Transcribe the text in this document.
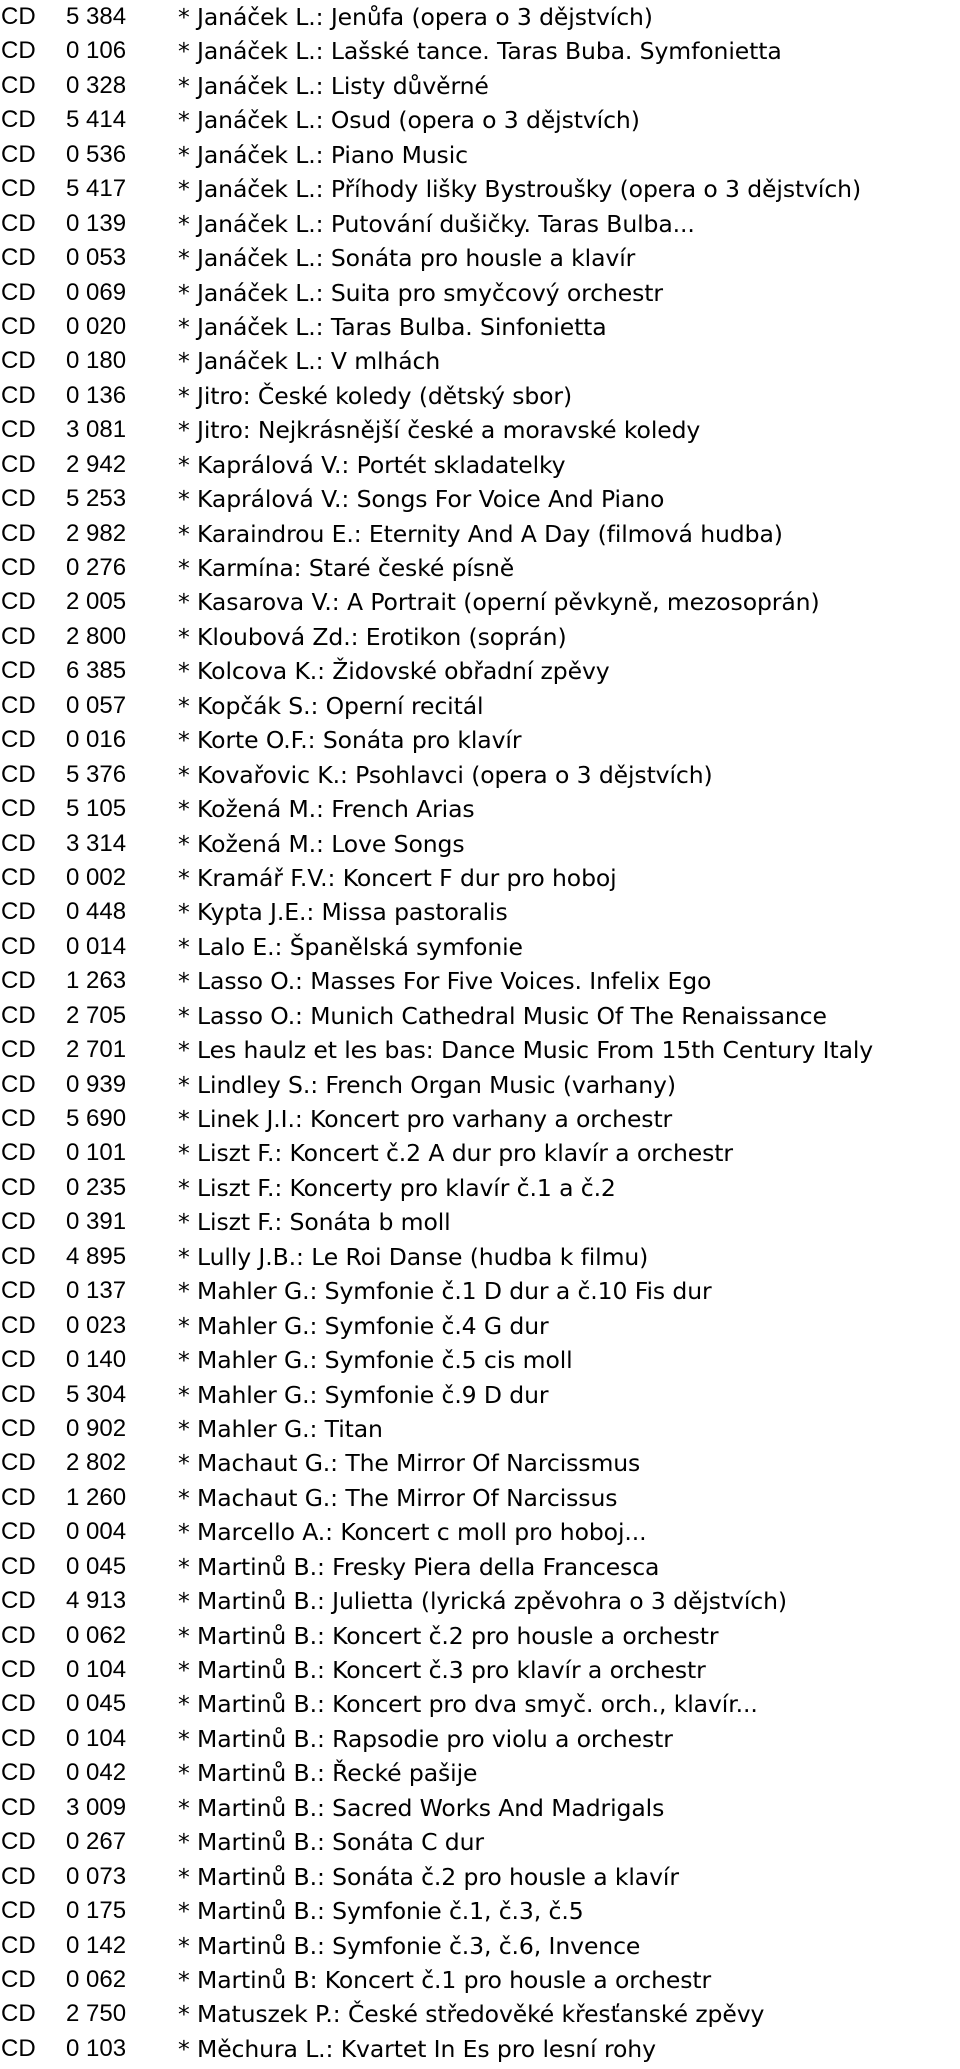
CD 5 384 * Janáček L.: Jenůfa (opera o 3 dějstvích)
CD 0 106 * Janáček L.: Lašské tance. Taras Buba. Symfonietta
CD 0 328 * Janáček L.: Listy důvěrné
CD 5 414 * Janáček L.: Osud (opera o 3 dějstvích)
CD 0 536 * Janáček L.: Piano Music
CD 5 417 * Janáček L.: Příhody lišky Bystroušky (opera o 3 dějstvích)
CD 0 139 * Janáček L.: Putování dušičky. Taras Bulba...
CD 0 053 * Janáček L.: Sonáta pro housle a klavír
CD 0 069 * Janáček L.: Suita pro smyčcový orchestr
CD 0 020 * Janáček L.: Taras Bulba. Sinfonietta
CD 0 180 * Janáček L.: V mlhách
CD 0 136 * Jitro: České koledy (dětský sbor)
CD 3 081 * Jitro: Nejkrásnější české a moravské koledy
CD 2 942 * Kaprálová V.: Portét skladatelky
CD 5 253 * Kaprálová V.: Songs For Voice And Piano
CD 2 982 * Karaindrou E.: Eternity And A Day (filmová hudba)
CD 0 276 * Karmína: Staré české písně
CD 2 005 * Kasarova V.: A Portrait (operní pěvkyně, mezosoprán)
CD 2 800 * Kloubová Zd.: Erotikon (soprán)
CD 6 385 * Kolcova K.: Židovské obřadní zpěvy
CD 0 057 * Kopčák S.: Operní recitál
CD 0 016 * Korte O.F.: Sonáta pro klavír
CD 5 376 * Kovařovic K.: Psohlavci (opera o 3 dějstvích)
CD 5 105 * Kožená M.: French Arias
CD 3 314 * Kožená M.: Love Songs
CD 0 002 * Kramář F.V.: Koncert F dur pro hoboj
CD 0 448 * Kypta J.E.: Missa pastoralis
CD 0 014 * Lalo E.: Španělská symfonie
CD 1 263 * Lasso O.: Masses For Five Voices. Infelix Ego
CD 2 705 * Lasso O.: Munich Cathedral Music Of The Renaissance
CD 2 701 * Les haulz et les bas: Dance Music From 15th Century Italy
CD 0 939 * Lindley S.: French Organ Music (varhany)
CD 5 690 * Linek J.I.: Koncert pro varhany a orchestr
CD 0 101 * Liszt F.: Koncert č.2 A dur pro klavír a orchestr
CD 0 235 * Liszt F.: Koncerty pro klavír č.1 a č.2
CD 0 391 * Liszt F.: Sonáta b moll
CD 4 895 * Lully J.B.: Le Roi Danse (hudba k filmu)
CD 0 137 * Mahler G.: Symfonie č.1 D dur a č.10 Fis dur
CD 0 023 * Mahler G.: Symfonie č.4 G dur
CD 0 140 * Mahler G.: Symfonie č.5 cis moll
CD 5 304 * Mahler G.: Symfonie č.9 D dur
CD 0 902 * Mahler G.: Titan
CD 2 802 * Machaut G.: The Mirror Of Narcissmus
CD 1 260 * Machaut G.: The Mirror Of Narcissus
CD 0 004 * Marcello A.: Koncert c moll pro hoboj...
CD 0 045 * Martinů B.: Fresky Piera della Francesca
CD 4 913 * Martinů B.: Julietta (lyrická zpěvohra o 3 dějstvích)
CD 0 062 * Martinů B.: Koncert č.2 pro housle a orchestr
CD 0 104 * Martinů B.: Koncert č.3 pro klavír a orchestr
CD 0 045 * Martinů B.: Koncert pro dva smyč. orch., klavír...
CD 0 104 * Martinů B.: Rapsodie pro violu a orchestr
CD 0 042 * Martinů B.: Řecké pašije
CD 3 009 * Martinů B.: Sacred Works And Madrigals
CD 0 267 * Martinů B.: Sonáta C dur
CD 0 073 * Martinů B.: Sonáta č.2 pro housle a klavír
CD 0 175 * Martinů B.: Symfonie č.1, č.3, č.5
CD 0 142 * Martinů B.: Symfonie č.3, č.6, Invence
CD 0 062 * Martinů B: Koncert č.1 pro housle a orchestr
CD 2 750 * Matuszek P.: České středověké křesťanské zpěvy
CD 0 103 * Měchura L.: Kvartet In Es pro lesní rohy
